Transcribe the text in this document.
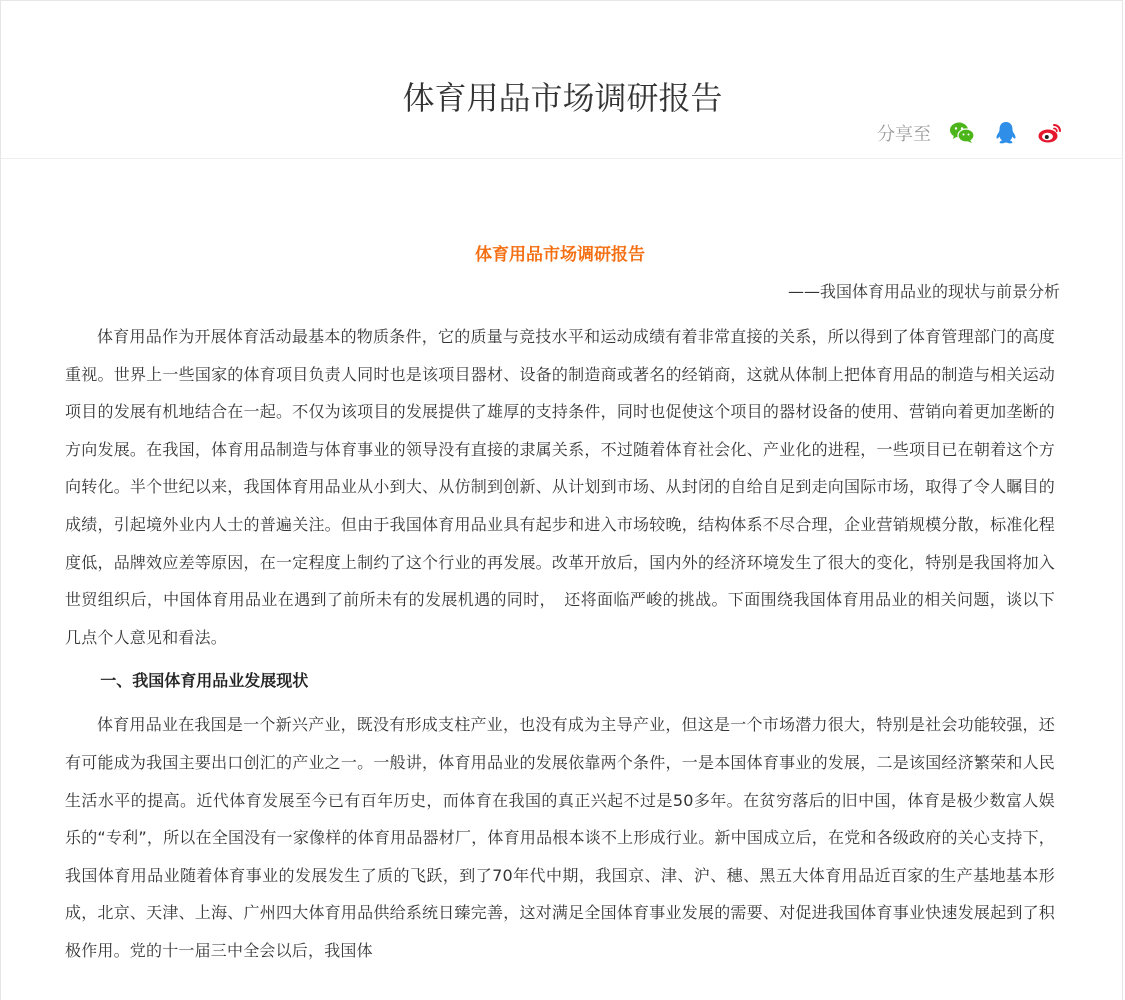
体育用品市场调研报告
分享至

体育用品市场调研报告

——我国体育用品业的现状与前景分析

体育用品作为开展体育活动最基本的物质条件，它的质量与竞技水平和运动成绩有着非常直接的关系，所以得到了体育管理部门的高度重视。世界上一些国家的体育项目负责人同时也是该项目器材、设备的制造商或著名的经销商，这就从体制上把体育用品的制造与相关运动项目的发展有机地结合在一起。不仅为该项目的发展提供了雄厚的支持条件，同时也促使这个项目的器材设备的使用、营销向着更加垄断的方向发展。在我国，体育用品制造与体育事业的领导没有直接的隶属关系，不过随着体育社会化、产业化的进程，一些项目已在朝着这个方向转化。半个世纪以来，我国体育用品业从小到大、从仿制到创新、从计划到市场、从封闭的自给自足到走向国际市场，取得了令人瞩目的成绩，引起境外业内人士的普遍关注。但由于我国体育用品业具有起步和进入市场较晚，结构体系不尽合理，企业营销规模分散，标准化程度低，品牌效应差等原因，在一定程度上制约了这个行业的再发展。改革开放后，国内外的经济环境发生了很大的变化，特别是我国将加入世贸组织后，中国体育用品业在遇到了前所未有的发展机遇的同时，　还将面临严峻的挑战。下面围绕我国体育用品业的相关问题，谈以下几点个人意见和看法。

一、我国体育用品业发展现状

体育用品业在我国是一个新兴产业，既没有形成支柱产业，也没有成为主导产业，但这是一个市场潜力很大，特别是社会功能较强，还有可能成为我国主要出口创汇的产业之一。一般讲，体育用品业的发展依靠两个条件，一是本国体育事业的发展，二是该国经济繁荣和人民生活水平的提高。近代体育发展至今已有百年历史，而体育在我国的真正兴起不过是50多年。在贫穷落后的旧中国，体育是极少数富人娱乐的“专利”，所以在全国没有一家像样的体育用品器材厂，体育用品根本谈不上形成行业。新中国成立后，在党和各级政府的关心支持下，我国体育用品业随着体育事业的发展发生了质的飞跃，到了70年代中期，我国京、津、沪、穗、黑五大体育用品近百家的生产基地基本形成，北京、天津、上海、广州四大体育用品供给系统日臻完善，这对满足全国体育事业发展的需要、对促进我国体育事业快速发展起到了积极作用。党的十一届三中全会以后，我国体
